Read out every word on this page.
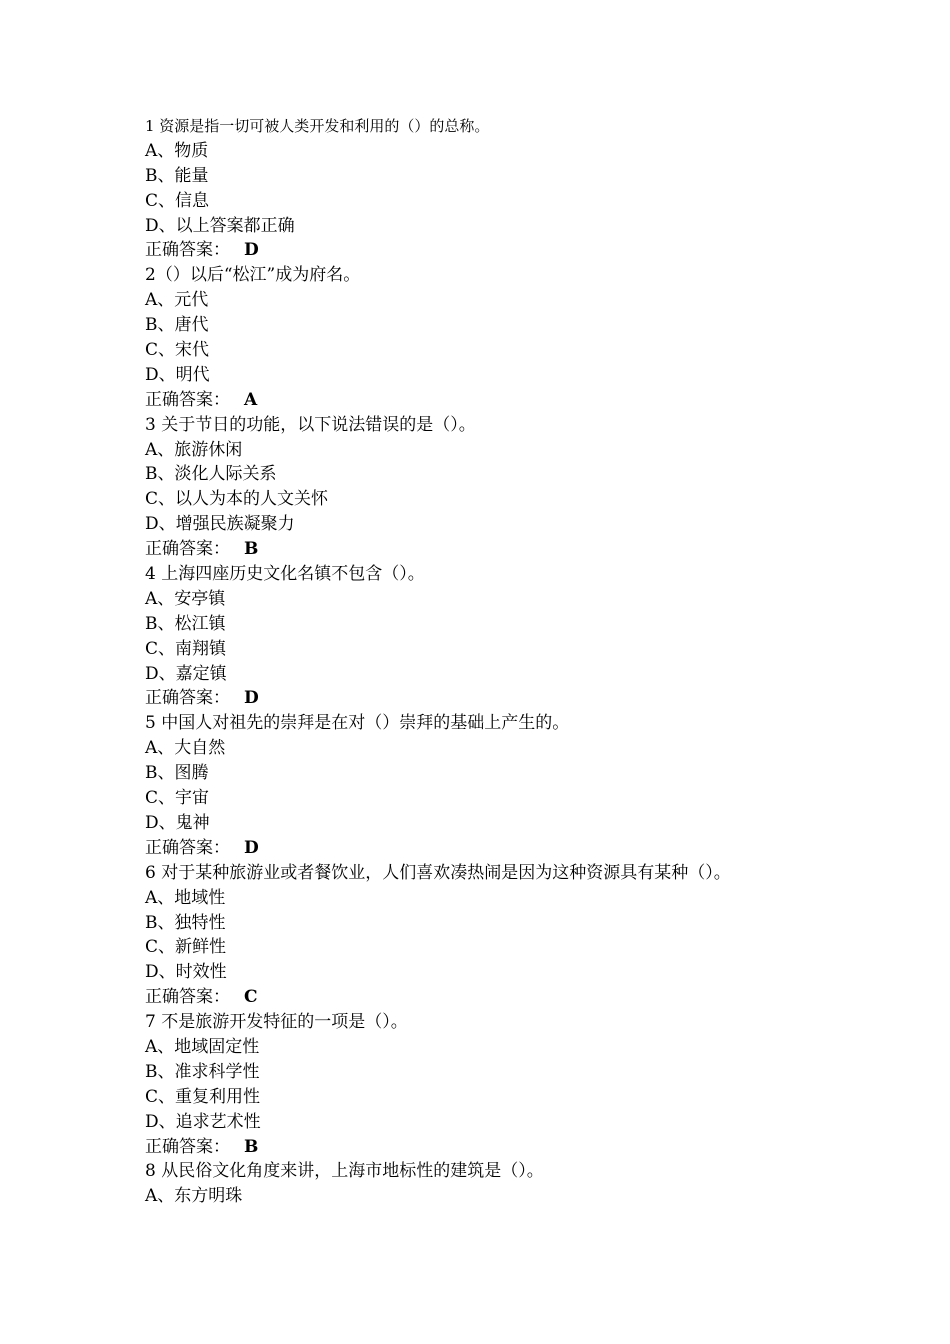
1 资源是指一切可被人类开发和利用的（）的总称。
A、物质
B、能量
C、信息
D、以上答案都正确
正确答案： D
2（）以后“松江”成为府名。
A、元代
B、唐代
C、宋代
D、明代
正确答案： A
3 关于节日的功能，以下说法错误的是（）。
A、旅游休闲
B、淡化人际关系
C、以人为本的人文关怀
D、增强民族凝聚力
正确答案： B
4 上海四座历史文化名镇不包含（）。
A、安亭镇
B、松江镇
C、南翔镇
D、嘉定镇
正确答案： D
5 中国人对祖先的崇拜是在对（）崇拜的基础上产生的。
A、大自然
B、图腾
C、宇宙
D、鬼神
正确答案： D
6 对于某种旅游业或者餐饮业，人们喜欢凑热闹是因为这种资源具有某种（）。
A、地域性
B、独特性
C、新鲜性
D、时效性
正确答案： C
7 不是旅游开发特征的一项是（）。
A、地域固定性
B、准求科学性
C、重复利用性
D、追求艺术性
正确答案： B
8 从民俗文化角度来讲，上海市地标性的建筑是（）。
A、东方明珠
